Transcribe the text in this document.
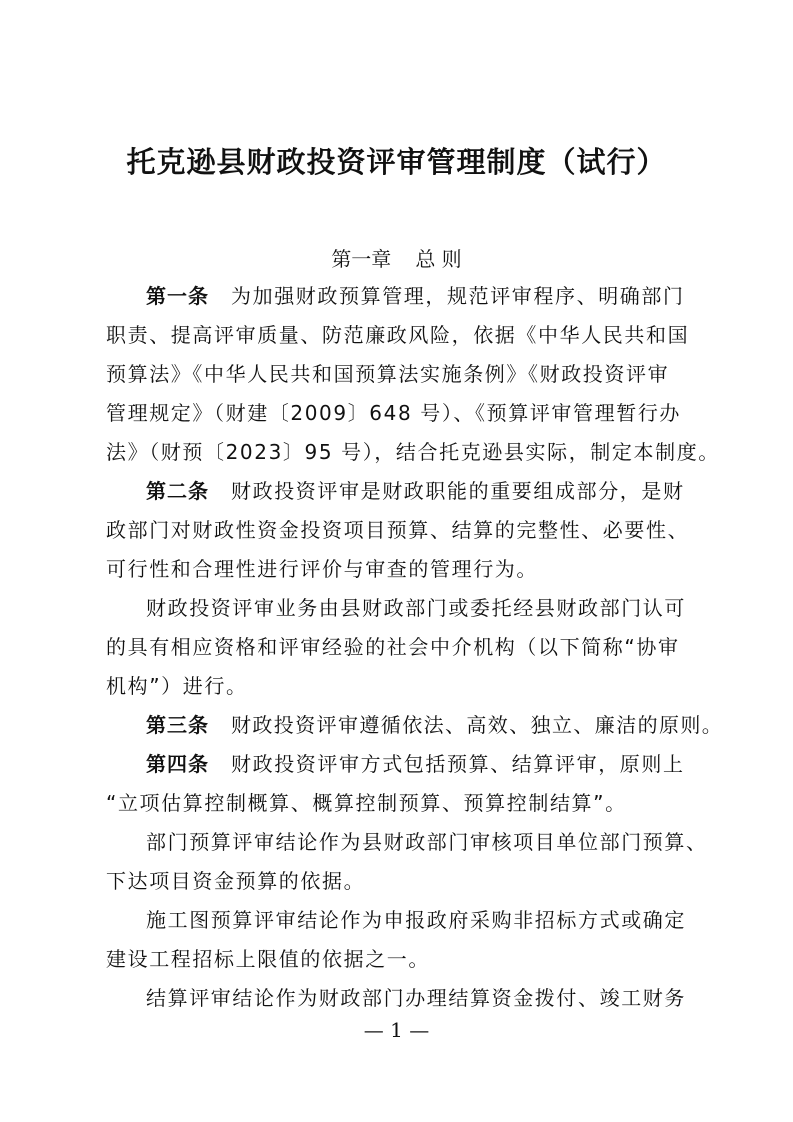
托克逊县财政投资评审管理制度（试行）
第一章 总 则

第一条 为加强财政预算管理，规范评审程序、明确部门

职责、提高评审质量、防范廉政风险，依据《中华人民共和国

预算法》《中华人民共和国预算法实施条例》《财政投资评审

管理规定》（财建〔2009〕648 号）、《预算评审管理暂行办

法》（财预〔2023〕95 号），结合托克逊县实际，制定本制度。

第二条 财政投资评审是财政职能的重要组成部分，是财

政部门对财政性资金投资项目预算、结算的完整性、必要性、

可行性和合理性进行评价与审查的管理行为。

财政投资评审业务由县财政部门或委托经县财政部门认可

的具有相应资格和评审经验的社会中介机构（以下简称“协审

机构”）进行。

第三条 财政投资评审遵循依法、高效、独立、廉洁的原则。

第四条 财政投资评审方式包括预算、结算评审，原则上

“立项估算控制概算、概算控制预算、预算控制结算”。

部门预算评审结论作为县财政部门审核项目单位部门预算、

下达项目资金预算的依据。

施工图预算评审结论作为申报政府采购非招标方式或确定

建设工程招标上限值的依据之一。

结算评审结论作为财政部门办理结算资金拨付、竣工财务

— 1 —
